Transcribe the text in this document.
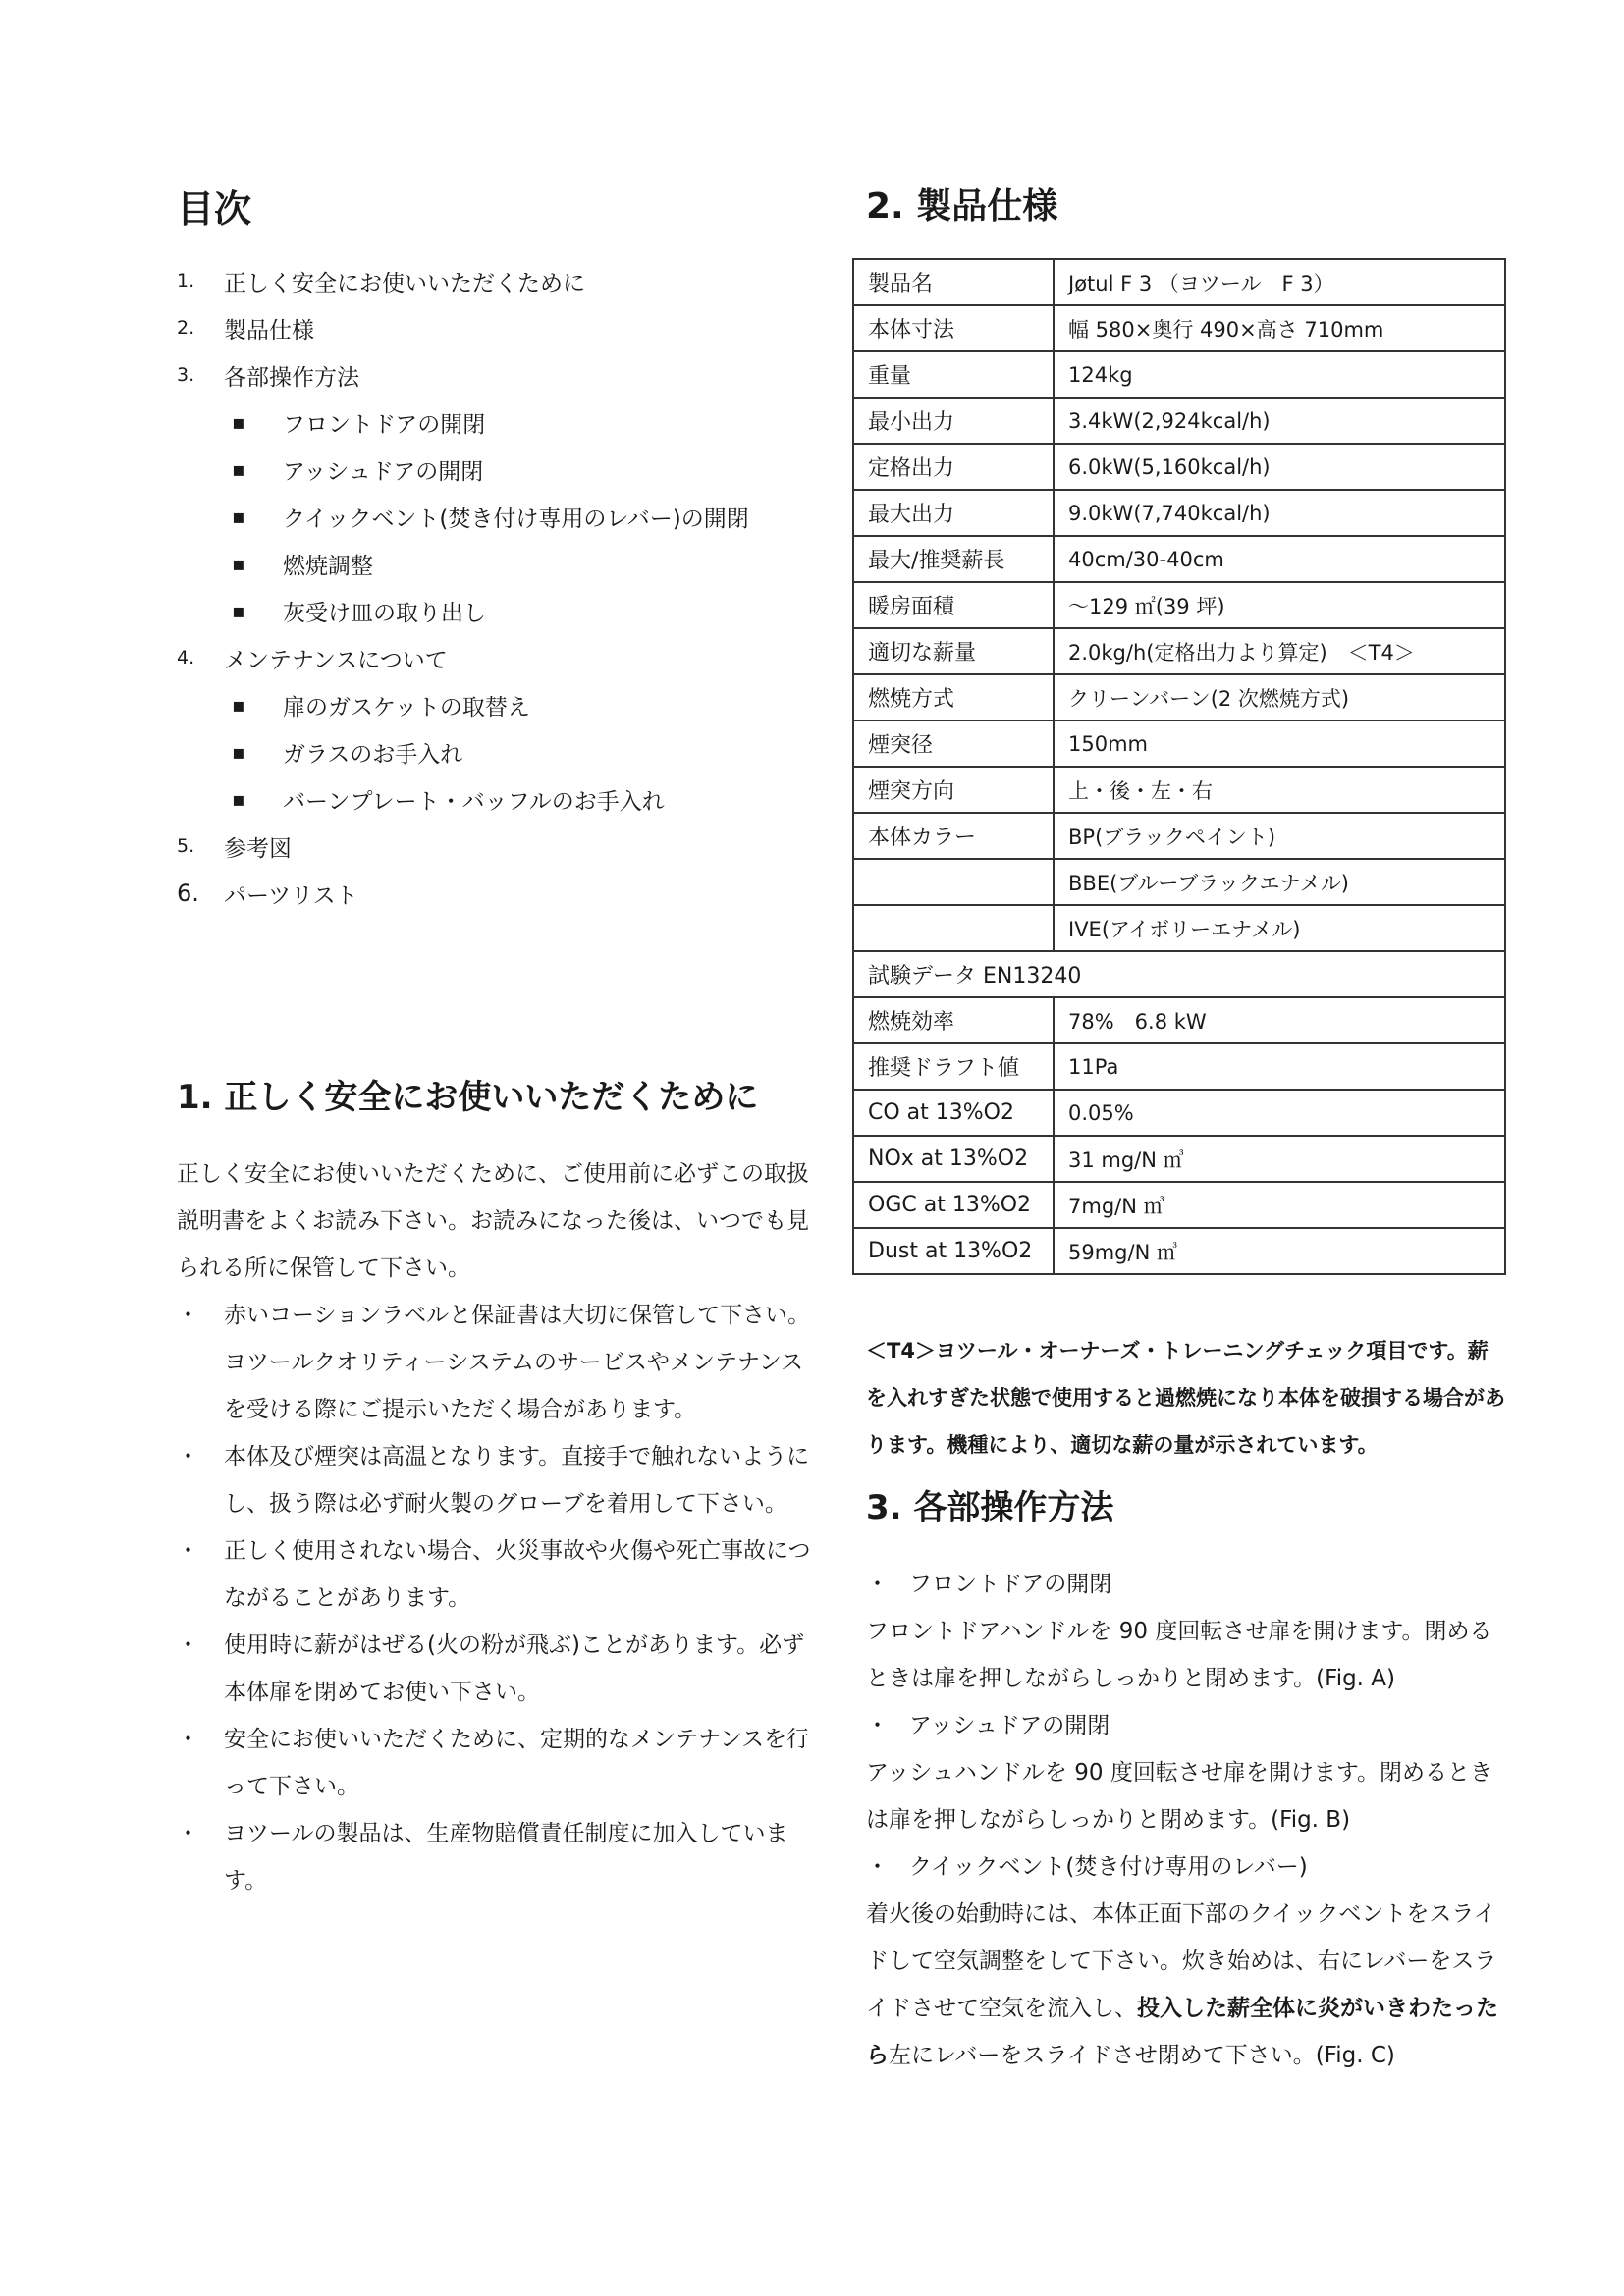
目次
1.	正しく安全にお使いいただくために
2.	製品仕様
3.	各部操作方法
▪	フロントドアの開閉
▪	アッシュドアの開閉
▪	クイックベント(焚き付け専用のレバー)の開閉
▪	燃焼調整
▪	灰受け皿の取り出し
4.	メンテナンスについて
▪	扉のガスケットの取替え
▪	ガラスのお手入れ
▪	バーンプレート・バッフルのお手入れ
5.	参考図
6.	パーツリスト
1. 正しく安全にお使いいただくために

正しく安全にお使いいただくために、ご使用前に必ずこの取扱説明書をよくお読み下さい。お読みになった後は、いつでも見られる所に保管して下さい。

・ 赤いコーションラベルと保証書は大切に保管して下さい。ヨツールクオリティーシステムのサービスやメンテナンスを受ける際にご提示いただく場合があります。
・ 本体及び煙突は高温となります。直接手で触れないようにし、扱う際は必ず耐火製のグローブを着用して下さい。
・ 正しく使用されない場合、火災事故や火傷や死亡事故につながることがあります。
・ 使用時に薪がはぜる(火の粉が飛ぶ)ことがあります。必ず本体扉を閉めてお使い下さい。
・ 安全にお使いいただくために、定期的なメンテナンスを行って下さい。
・ ヨツールの製品は、生産物賠償責任制度に加入しています。
2. 製品仕様
製品名	Jøtul F 3 （ヨツール　F 3）
本体寸法	幅 580×奥行 490×高さ 710mm
重量	124kg
最小出力	3.4kW(2,924kcal/h)
定格出力	6.0kW(5,160kcal/h)
最大出力	9.0kW(7,740kcal/h)
最大/推奨薪長	40cm/30-40cm
暖房面積	～129 ㎡(39 坪)
適切な薪量	2.0kg/h(定格出力より算定)　＜T4＞
燃焼方式	クリーンバーン(2 次燃焼方式)
煙突径	150mm
煙突方向	上・後・左・右
本体カラー	BP(ブラックペイント)
	BBE(ブルーブラックエナメル)
	IVE(アイボリーエナメル)
試験データ EN13240	
燃焼効率	78%　6.8 kW
推奨ドラフト値	11Pa
CO at 13%O2	0.05%
NOx at 13%O2	31 mg/N ㎥
OGC at 13%O2	7mg/N ㎥
Dust at 13%O2	59mg/N ㎥
＜T4＞ヨツール・オーナーズ・トレーニングチェック項目です。薪を入れすぎた状態で使用すると過燃焼になり本体を破損する場合があります。機種により、適切な薪の量が示されています。
3. 各部操作方法

・ フロントドアの開閉

フロントドアハンドルを 90 度回転させ扉を開けます。閉めるときは扉を押しながらしっかりと閉めます。(Fig. A)

・ アッシュドアの開閉

アッシュハンドルを 90 度回転させ扉を開けます。閉めるときは扉を押しながらしっかりと閉めます。(Fig. B)

・ クイックベント(焚き付け専用のレバー)

着火後の始動時には、本体正面下部のクイックベントをスライドして空気調整をして下さい。炊き始めは、右にレバーをスライドさせて空気を流入し、投入した薪全体に炎がいきわたったら左にレバーをスライドさせ閉めて下さい。(Fig. C)
